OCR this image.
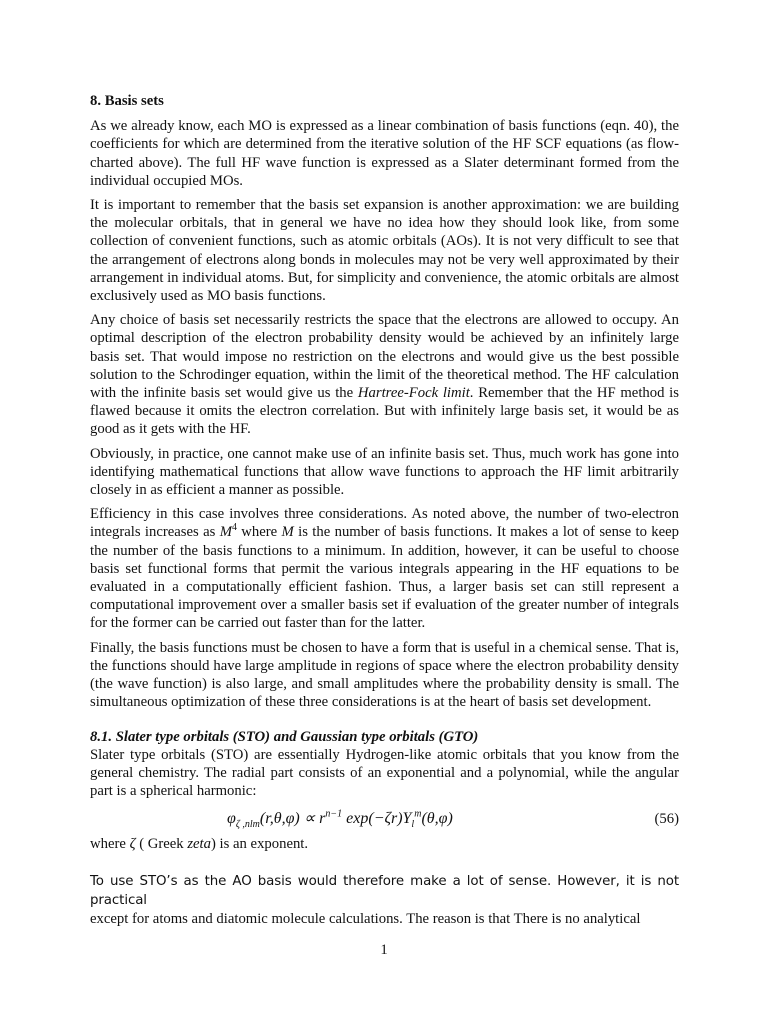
8. Basis sets

As we already know, each MO is expressed as a linear combination of basis functions (eqn. 40), the coefficients for which are determined from the iterative solution of the HF SCF equations (as flow-charted above). The full HF wave function is expressed as a Slater determinant formed from the individual occupied MOs.

It is important to remember that the basis set expansion is another approximation: we are building the molecular orbitals, that in general we have no idea how they should look like, from some collection of convenient functions, such as atomic orbitals (AOs). It is not very difficult to see that the arrangement of electrons along bonds in molecules may not be very well approximated by their arrangement in individual atoms. But, for simplicity and convenience, the atomic orbitals are almost exclusively used as MO basis functions.

Any choice of basis set necessarily restricts the space that the electrons are allowed to occupy. An optimal description of the electron probability density would be achieved by an infinitely large basis set. That would impose no restriction on the electrons and would give us the best possible solution to the Schrodinger equation, within the limit of the theoretical method. The HF calculation with the infinite basis set would give us the Hartree-Fock limit. Remember that the HF method is flawed because it omits the electron correlation. But with infinitely large basis set, it would be as good as it gets with the HF.

Obviously, in practice, one cannot make use of an infinite basis set. Thus, much work has gone into identifying mathematical functions that allow wave functions to approach the HF limit arbitrarily closely in as efficient a manner as possible.

Efficiency in this case involves three considerations. As noted above, the number of two-electron integrals increases as $M^4$ where M is the number of basis functions. It makes a lot of sense to keep the number of the basis functions to a minimum. In addition, however, it can be useful to choose basis set functional forms that permit the various integrals appearing in the HF equations to be evaluated in a computationally efficient fashion. Thus, a larger basis set can still represent a computational improvement over a smaller basis set if evaluation of the greater number of integrals for the former can be carried out faster than for the latter.

Finally, the basis functions must be chosen to have a form that is useful in a chemical sense. That is, the functions should have large amplitude in regions of space where the electron probability density (the wave function) is also large, and small amplitudes where the probability density is small. The simultaneous optimization of these three considerations is at the heart of basis set development.

8.1. Slater type orbitals (STO) and Gaussian type orbitals (GTO)

Slater type orbitals (STO) are essentially Hydrogen-like atomic orbitals that you know from the general chemistry. The radial part consists of an exponential and a polynomial, while the angular part is a spherical harmonic:

$\varphi_{\zeta ,nlm}(r,\theta,\varphi) \propto r^{n-1}$ $\exp(-\zeta r)Y_l^m(\theta,\varphi)$	(56)

where ζ ( Greek zeta) is an exponent.

To use STO’s as the AO basis would therefore make a lot of sense. However, it is not practical
except for atoms and diatomic molecule calculations. The reason is that There is no analytical

1
